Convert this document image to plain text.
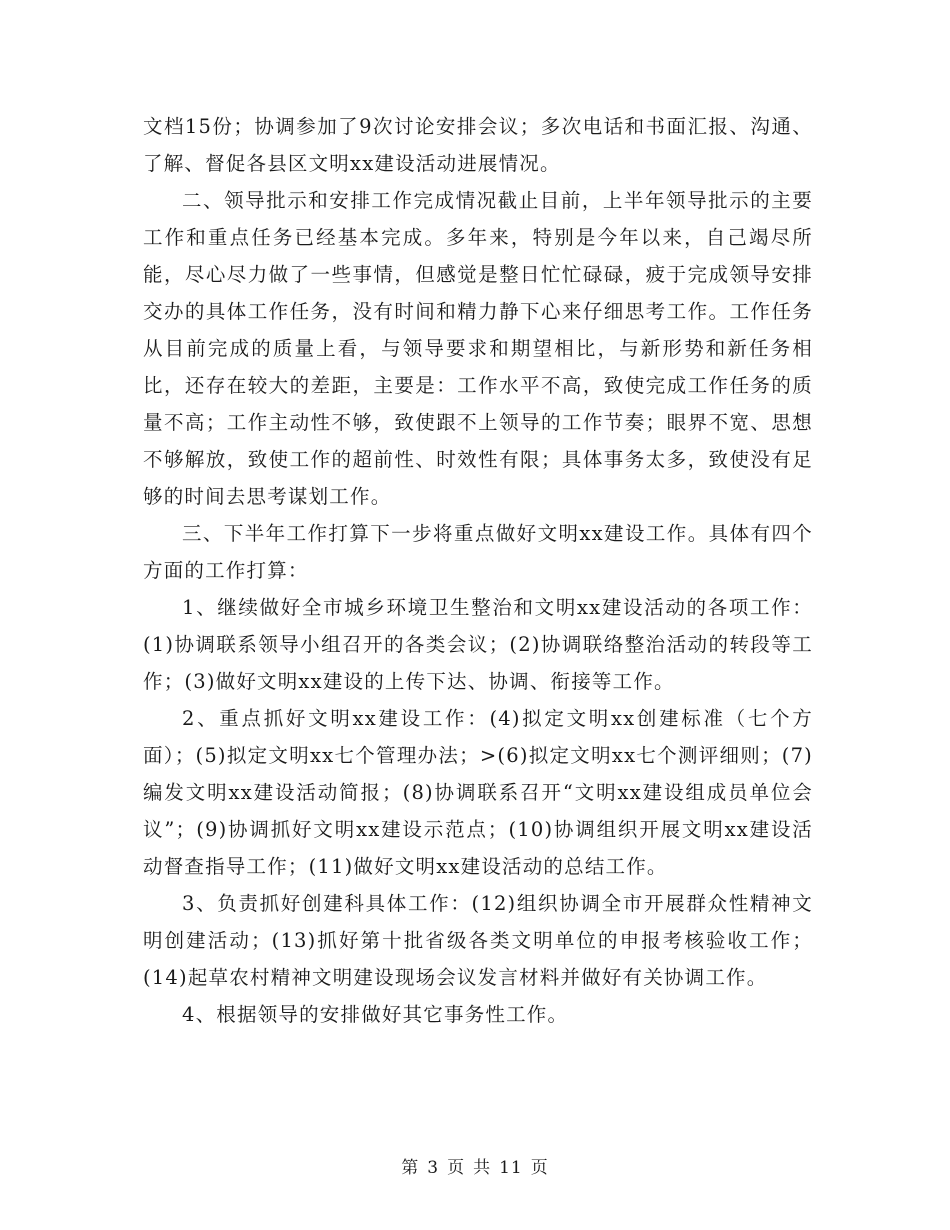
文档15份；协调参加了9次讨论安排会议；多次电话和书面汇报、沟通、了解、督促各县区文明xx建设活动进展情况。

二、领导批示和安排工作完成情况截止目前，上半年领导批示的主要工作和重点任务已经基本完成。多年来，特别是今年以来，自己竭尽所能，尽心尽力做了一些事情，但感觉是整日忙忙碌碌，疲于完成领导安排交办的具体工作任务，没有时间和精力静下心来仔细思考工作。工作任务从目前完成的质量上看，与领导要求和期望相比，与新形势和新任务相比，还存在较大的差距，主要是：工作水平不高，致使完成工作任务的质量不高；工作主动性不够，致使跟不上领导的工作节奏；眼界不宽、思想不够解放，致使工作的超前性、时效性有限；具体事务太多，致使没有足够的时间去思考谋划工作。

三、下半年工作打算下一步将重点做好文明xx建设工作。具体有四个方面的工作打算：

1、继续做好全市城乡环境卫生整治和文明xx建设活动的各项工作：(1)协调联系领导小组召开的各类会议；(2)协调联络整治活动的转段等工作；(3)做好文明xx建设的上传下达、协调、衔接等工作。

2、重点抓好文明xx建设工作：(4)拟定文明xx创建标准（七个方面）；(5)拟定文明xx七个管理办法；>(6)拟定文明xx七个测评细则；(7)编发文明xx建设活动简报；(8)协调联系召开“文明xx建设组成员单位会议”；(9)协调抓好文明xx建设示范点；(10)协调组织开展文明xx建设活动督查指导工作；(11)做好文明xx建设活动的总结工作。

3、负责抓好创建科具体工作：(12)组织协调全市开展群众性精神文明创建活动；(13)抓好第十批省级各类文明单位的申报考核验收工作；(14)起草农村精神文明建设现场会议发言材料并做好有关协调工作。

4、根据领导的安排做好其它事务性工作。

第 3 页 共 11 页
